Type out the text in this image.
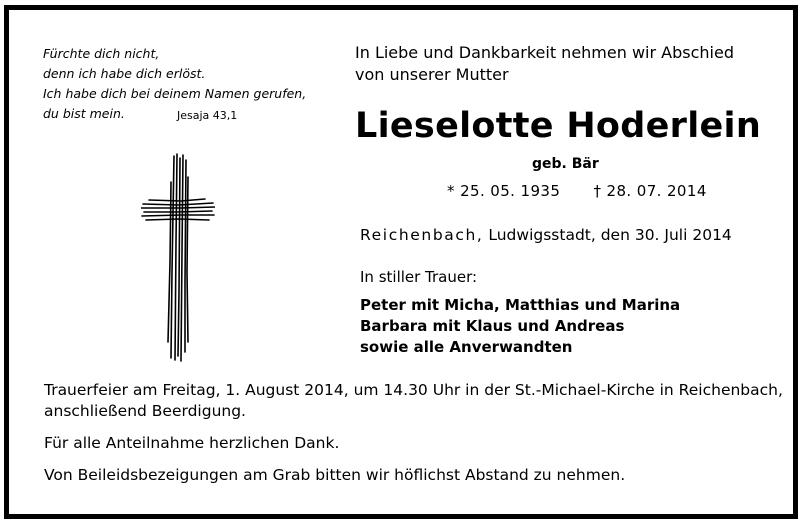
Fürchte dich nicht,
denn ich habe dich erlöst.
Ich habe dich bei deinem Namen gerufen,
du bist mein.	Jesaja 43,1
In Liebe und Dankbarkeit nehmen wir Abschied
von unserer Mutter
Lieselotte Hoderlein
geb. Bär
* 25. 05. 1935 † 28. 07. 2014
Reichenbach, Ludwigsstadt, den 30. Juli 2014
In stiller Trauer:
Peter mit Micha, Matthias und Marina
Barbara mit Klaus und Andreas
sowie alle Anverwandten

Trauerfeier am Freitag, 1. August 2014, um 14.30 Uhr in der St.-Michael-Kirche in Reichenbach,
anschließend Beerdigung.

Für alle Anteilnahme herzlichen Dank.

Von Beileidsbezeigungen am Grab bitten wir höflichst Abstand zu nehmen.
